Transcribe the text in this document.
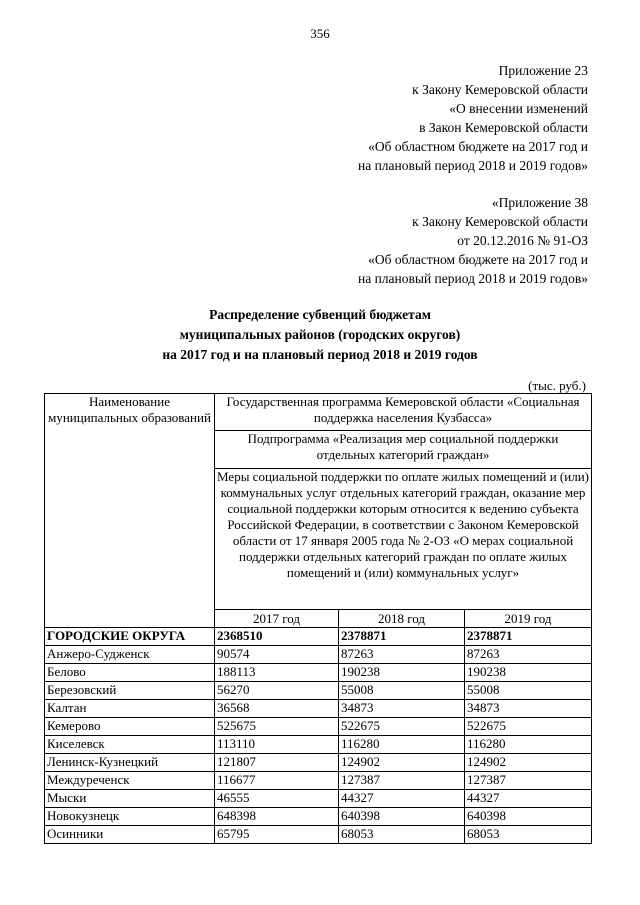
356
Приложение 23
к Закону Кемеровской области
«О внесении изменений
в Закон Кемеровской области
«Об областном бюджете на 2017 год и
на плановый период 2018 и 2019 годов»
«Приложение 38
к Закону Кемеровской области
от 20.12.2016 № 91-ОЗ
«Об областном бюджете на 2017 год и
на плановый период 2018 и 2019 годов»
Распределение субвенций бюджетам
муниципальных районов (городских округов)
на 2017 год и на плановый период 2018 и 2019 годов
(тыс. руб.)
Наименование муниципальных образований	Государственная программа Кемеровской области «Социальная поддержка населения Кузбасса»		
	Подпрограмма «Реализация мер социальной поддержки отдельных категорий граждан»		
	Меры социальной поддержки по оплате жилых помещений и (или) коммунальных услуг отдельных категорий граждан, оказание мер социальной поддержки которым относится к ведению субъекта Российской Федерации, в соответствии с Законом Кемеровской области от 17 января 2005 года № 2-ОЗ «О мерах социальной поддержки отдельных категорий граждан по оплате жилых помещений и (или) коммунальных услуг»		
	2017 год	2018 год	2019 год
ГОРОДСКИЕ ОКРУГА	2368510	2378871	2378871
Анжеро-Судженск	90574	87263	87263
Белово	188113	190238	190238
Березовский	56270	55008	55008
Калтан	36568	34873	34873
Кемерово	525675	522675	522675
Киселевск	113110	116280	116280
Ленинск-Кузнецкий	121807	124902	124902
Междуреченск	116677	127387	127387
Мыски	46555	44327	44327
Новокузнецк	648398	640398	640398
Осинники	65795	68053	68053
